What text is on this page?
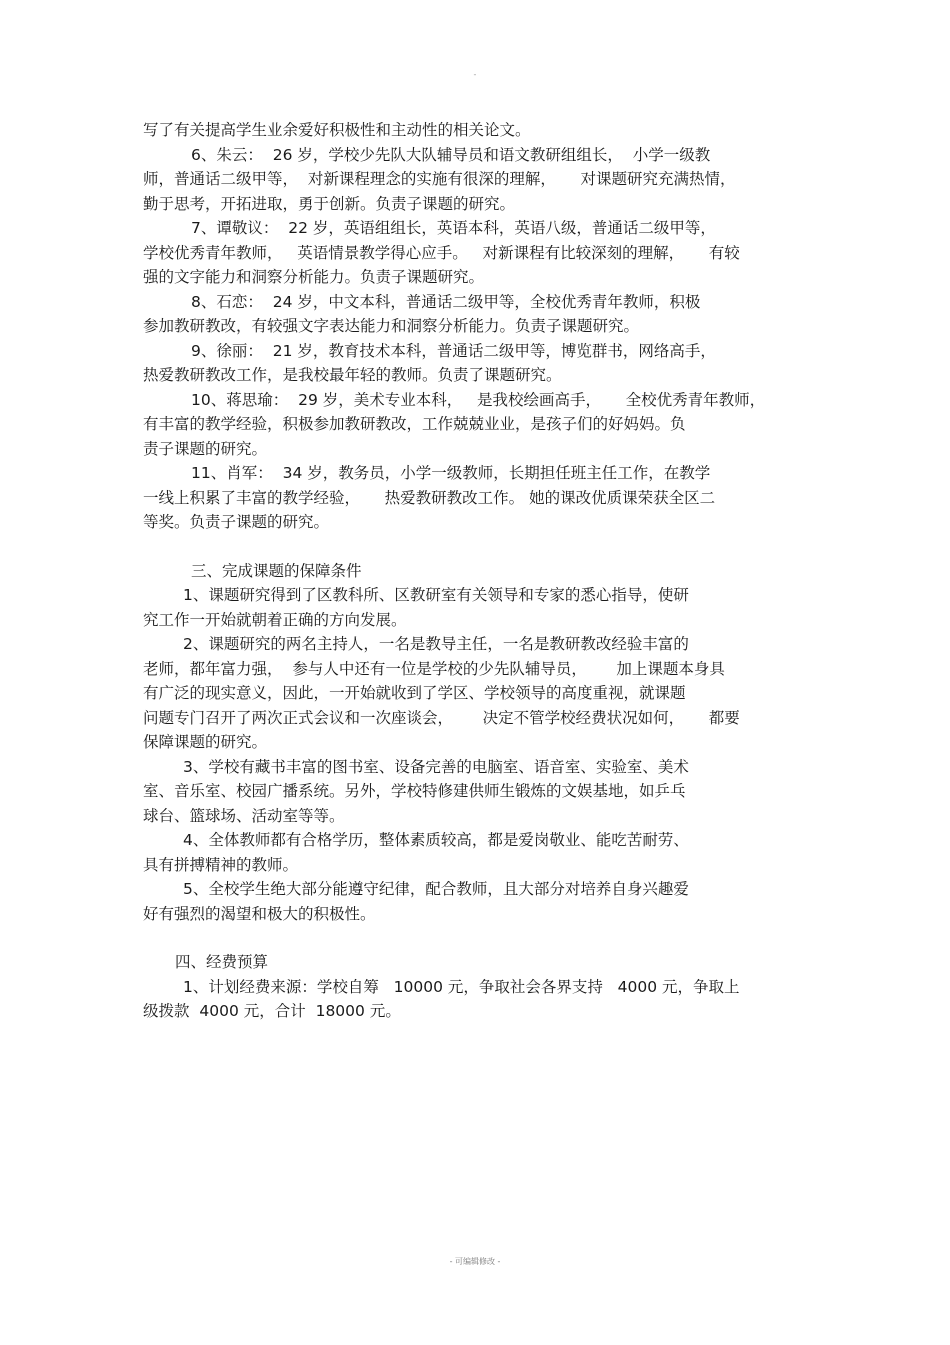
-
写了有关提高学生业余爱好积极性和主动性的相关论文。
6、朱云：  26 岁，学校少先队大队辅导员和语文教研组组长，  小学一级教
师，普通话二级甲等，  对新课程理念的实施有很深的理解，     对课题研究充满热情，
勤于思考，开拓进取，勇于创新。负责子课题的研究。
7、谭敬议：  22 岁，英语组组长，英语本科，英语八级，普通话二级甲等，
学校优秀青年教师，   英语情景教学得心应手。   对新课程有比较深刻的理解，     有较
强的文字能力和洞察分析能力。负责子课题研究。
8、石恋：  24 岁，中文本科，普通话二级甲等，全校优秀青年教师，积极
参加教研教改，有较强文字表达能力和洞察分析能力。负责子课题研究。
9、徐丽：  21 岁，教育技术本科，普通话二级甲等，博览群书，网络高手，
热爱教研教改工作，是我校最年轻的教师。负责了课题研究。
10、蒋思瑜：  29 岁，美术专业本科，   是我校绘画高手，     全校优秀青年教师，
有丰富的教学经验，积极参加教研教改，工作兢兢业业，是孩子们的好妈妈。负
责子课题的研究。
11、肖军：  34 岁，教务员，小学一级教师，长期担任班主任工作，在教学
一线上积累了丰富的教学经验，     热爱教研教改工作。 她的课改优质课荣获全区二
等奖。负责子课题的研究。
三、完成课题的保障条件
1、课题研究得到了区教科所、区教研室有关领导和专家的悉心指导，使研
究工作一开始就朝着正确的方向发展。
2、课题研究的两名主持人，一名是教导主任，一名是教研教改经验丰富的
老师，都年富力强，  参与人中还有一位是学校的少先队辅导员，      加上课题本身具
有广泛的现实意义，因此，一开始就收到了学区、学校领导的高度重视，就课题
问题专门召开了两次正式会议和一次座谈会，      决定不管学校经费状况如何，     都要
保障课题的研究。
3、学校有藏书丰富的图书室、设备完善的电脑室、语音室、实验室、美术
室、音乐室、校园广播系统。另外，学校特修建供师生锻炼的文娱基地，如乒乓
球台、篮球场、活动室等等。
4、全体教师都有合格学历，整体素质较高，都是爱岗敬业、能吃苦耐劳、
具有拼搏精神的教师。
5、全校学生绝大部分能遵守纪律，配合教师，且大部分对培养自身兴趣爱
好有强烈的渴望和极大的积极性。
四、经费预算
1、计划经费来源：学校自筹   10000 元，争取社会各界支持   4000 元，争取上
级拨款  4000 元，合计  18000 元。
- 可编辑修改 -
